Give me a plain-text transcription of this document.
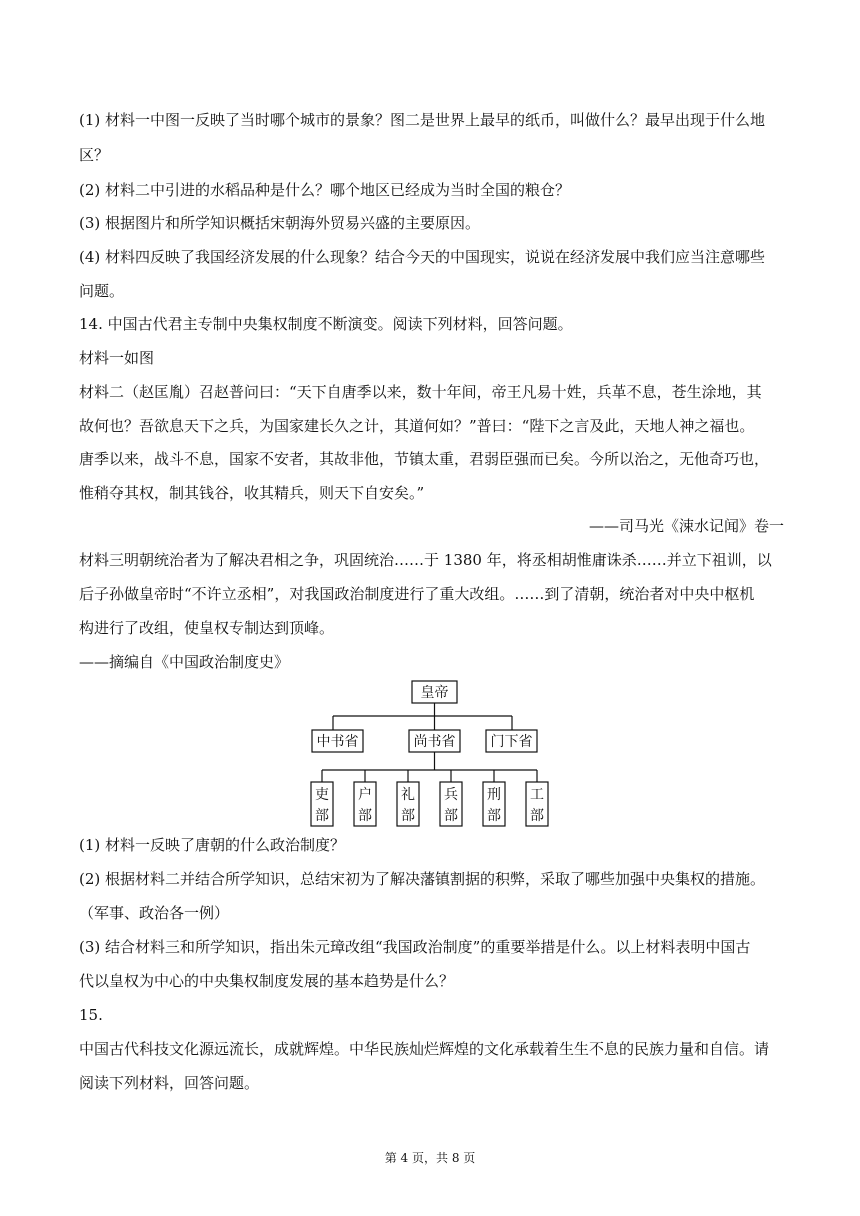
(1) 材料一中图一反映了当时哪个城市的景象？图二是世界上最早的纸币，叫做什么？最早出现于什么地
区？
(2) 材料二中引进的水稻品种是什么？哪个地区已经成为当时全国的粮仓？
(3) 根据图片和所学知识概括宋朝海外贸易兴盛的主要原因。
(4) 材料四反映了我国经济发展的什么现象？结合今天的中国现实，说说在经济发展中我们应当注意哪些
问题。
14. 中国古代君主专制中央集权制度不断演变。阅读下列材料，回答问题。
材料一如图
材料二（赵匡胤）召赵普问曰：“天下自唐季以来，数十年间，帝王凡易十姓，兵革不息，苍生涂地，其
故何也？吾欲息天下之兵，为国家建长久之计，其道何如？”普曰：“陛下之言及此，天地人神之福也。
唐季以来，战斗不息，国家不安者，其故非他，节镇太重，君弱臣强而已矣。今所以治之，无他奇巧也，
惟稍夺其权，制其钱谷，收其精兵，则天下自安矣。”
——司马光《涑水记闻》卷一
材料三明朝统治者为了解决君相之争，巩固统治……于 1380 年，将丞相胡惟庸诛杀……并立下祖训，以
后子孙做皇帝时“不许立丞相”，对我国政治制度进行了重大改组。……到了清朝，统治者对中央中枢机
构进行了改组，使皇权专制达到顶峰。
——摘编自《中国政治制度史》
皇帝
中书省	尚书省	门下省
吏
部
户
部
礼
部
兵
部
刑
部
工
部
(1) 材料一反映了唐朝的什么政治制度？
(2) 根据材料二并结合所学知识，总结宋初为了解决藩镇割据的积弊，采取了哪些加强中央集权的措施。
（军事、政治各一例）
(3) 结合材料三和所学知识，指出朱元璋改组“我国政治制度”的重要举措是什么。以上材料表明中国古
代以皇权为中心的中央集权制度发展的基本趋势是什么？
15.
中国古代科技文化源远流长，成就辉煌。中华民族灿烂辉煌的文化承载着生生不息的民族力量和自信。请
阅读下列材料，回答问题。
第 4 页，共 8 页
